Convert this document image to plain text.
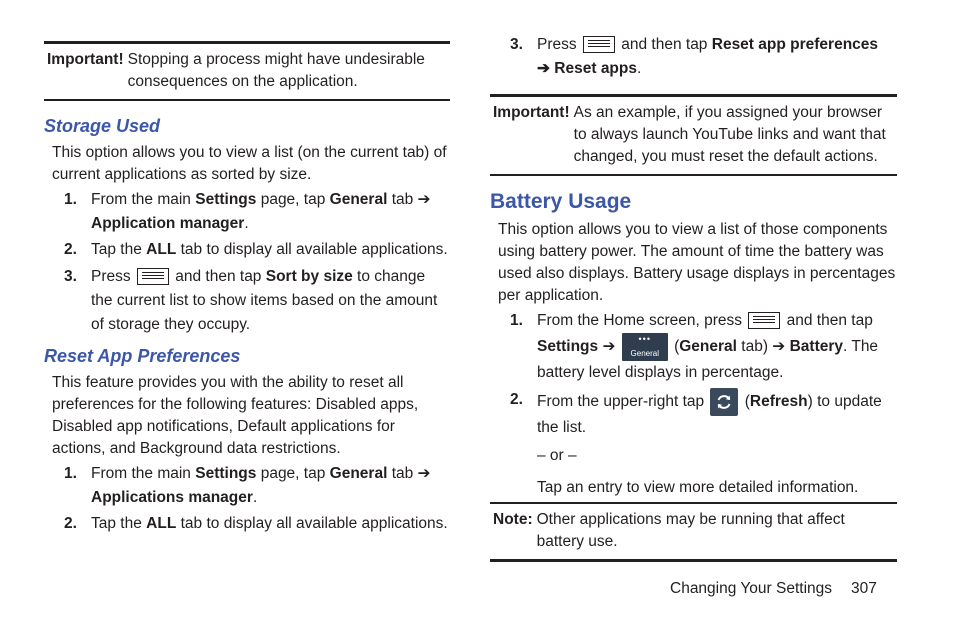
Important! Stopping a process might have undesirable consequences on the application.
Storage Used

This option allows you to view a list (on the current tab) of current applications as sorted by size.

1. From the main Settings page, tap General tab ➔ Application manager.
2. Tap the ALL tab to display all available applications.
3. Press  and then tap Sort by size to change the current list to show items based on the amount of storage they occupy.
Reset App Preferences

This feature provides you with the ability to reset all preferences for the following features: Disabled apps, Disabled app notifications, Default applications for actions, and Background data restrictions.

1. From the main Settings page, tap General tab ➔ Applications manager.
2. Tap the ALL tab to display all available applications.
3. Press  and then tap Reset app preferences ➔ Reset apps.
Important! As an example, if you assigned your browser to always launch YouTube links and want that changed, you must reset the default actions.
Battery Usage

This option allows you to view a list of those components using battery power. The amount of time the battery was used also displays. Battery usage displays in percentages per application.

1. From the Home screen, press  and then tap Settings ➔	•••
General (General tab) ➔ Battery. The battery level displays in percentage.
2. From the upper-right tap
(Refresh) to update the list.
– or –
Tap an entry to view more detailed information.
Note: Other applications may be running that affect battery use.
Changing Your Settings 307
